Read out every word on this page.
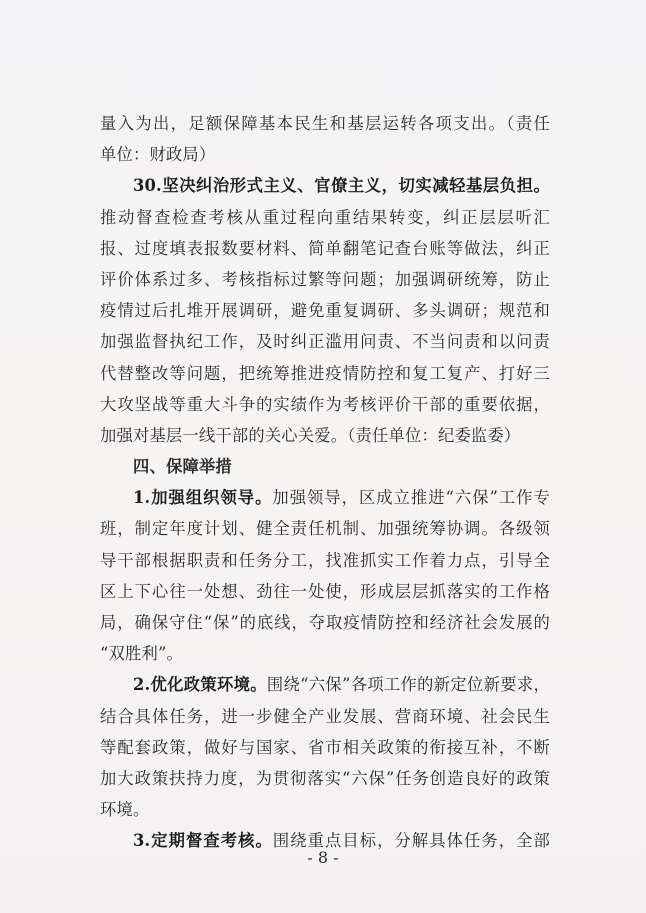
量入为出，足额保障基本民生和基层运转各项支出。（责任
单位：财政局）
30.坚决纠治形式主义、官僚主义，切实减轻基层负担。
推动督查检查考核从重过程向重结果转变，纠正层层听汇
报、过度填表报数要材料、简单翻笔记查台账等做法，纠正
评价体系过多、考核指标过繁等问题；加强调研统筹，防止
疫情过后扎堆开展调研，避免重复调研、多头调研；规范和
加强监督执纪工作，及时纠正滥用问责、不当问责和以问责
代替整改等问题，把统筹推进疫情防控和复工复产、打好三
大攻坚战等重大斗争的实绩作为考核评价干部的重要依据，
加强对基层一线干部的关心关爱。（责任单位：纪委监委）
四、保障举措
1.加强组织领导。加强领导，区成立推进“六保”工作专
班，制定年度计划、健全责任机制、加强统筹协调。各级领
导干部根据职责和任务分工，找准抓实工作着力点，引导全
区上下心往一处想、劲往一处使，形成层层抓落实的工作格
局，确保守住“保”的底线，夺取疫情防控和经济社会发展的
“双胜利”。
2.优化政策环境。围绕“六保”各项工作的新定位新要求，
结合具体任务，进一步健全产业发展、营商环境、社会民生
等配套政策，做好与国家、省市相关政策的衔接互补，不断
加大政策扶持力度，为贯彻落实“六保”任务创造良好的政策
环境。
3.定期督查考核。围绕重点目标，分解具体任务，全部
- 8 -
